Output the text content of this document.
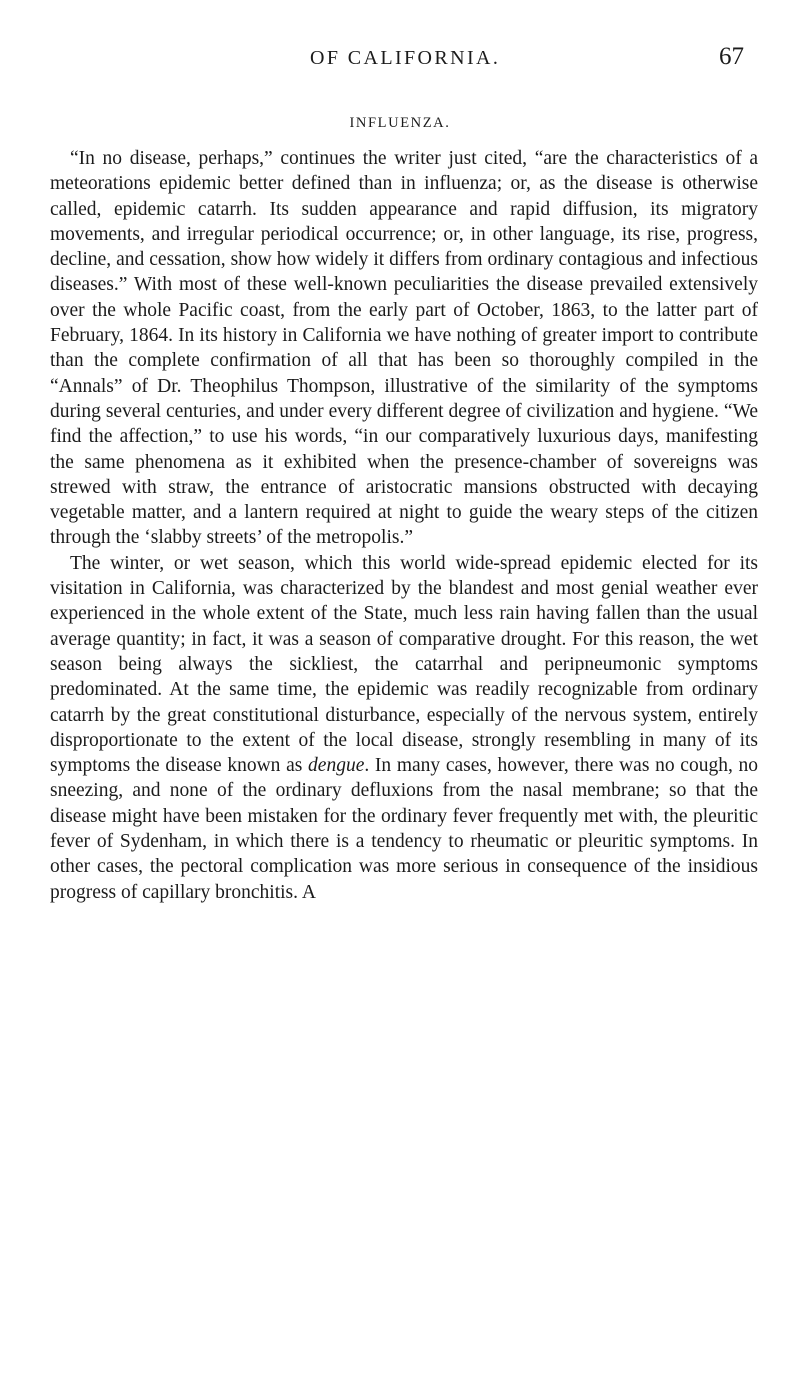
OF CALIFORNIA.	67
INFLUENZA.

“In no disease, perhaps,” continues the writer just cited, “are the characteristics of a meteorations epidemic better defined than in influenza; or, as the disease is otherwise called, epidemic catarrh. Its sudden appearance and rapid diffusion, its migratory movements, and irregular periodical occurrence; or, in other language, its rise, progress, decline, and cessation, show how widely it differs from ordinary contagious and infectious diseases.” With most of these well-known peculiarities the disease prevailed extensively over the whole Pacific coast, from the early part of October, 1863, to the latter part of February, 1864. In its history in California we have nothing of greater import to contribute than the complete confirmation of all that has been so thoroughly compiled in the “Annals” of Dr. Theophilus Thompson, illustrative of the similarity of the symptoms during several centuries, and under every different degree of civilization and hygiene. “We find the affection,” to use his words, “in our comparatively luxurious days, manifesting the same phenomena as it exhibited when the presence-chamber of sovereigns was strewed with straw, the entrance of aristocratic mansions obstructed with decaying vegetable matter, and a lantern required at night to guide the weary steps of the citizen through the ‘slabby streets’ of the metropolis.”

The winter, or wet season, which this world wide-spread epidemic elected for its visitation in California, was characterized by the blandest and most genial weather ever experienced in the whole extent of the State, much less rain having fallen than the usual average quantity; in fact, it was a season of comparative drought. For this reason, the wet season being always the sickliest, the catarrhal and peripneumonic symptoms predominated. At the same time, the epidemic was readily recognizable from ordinary catarrh by the great constitutional disturbance, especially of the nervous system, entirely disproportionate to the extent of the local disease, strongly resembling in many of its symptoms the disease known as dengue. In many cases, however, there was no cough, no sneezing, and none of the ordinary defluxions from the nasal membrane; so that the disease might have been mistaken for the ordinary fever frequently met with, the pleuritic fever of Sydenham, in which there is a tendency to rheumatic or pleuritic symptoms. In other cases, the pectoral complication was more serious in consequence of the insidious progress of capillary bronchitis. A
